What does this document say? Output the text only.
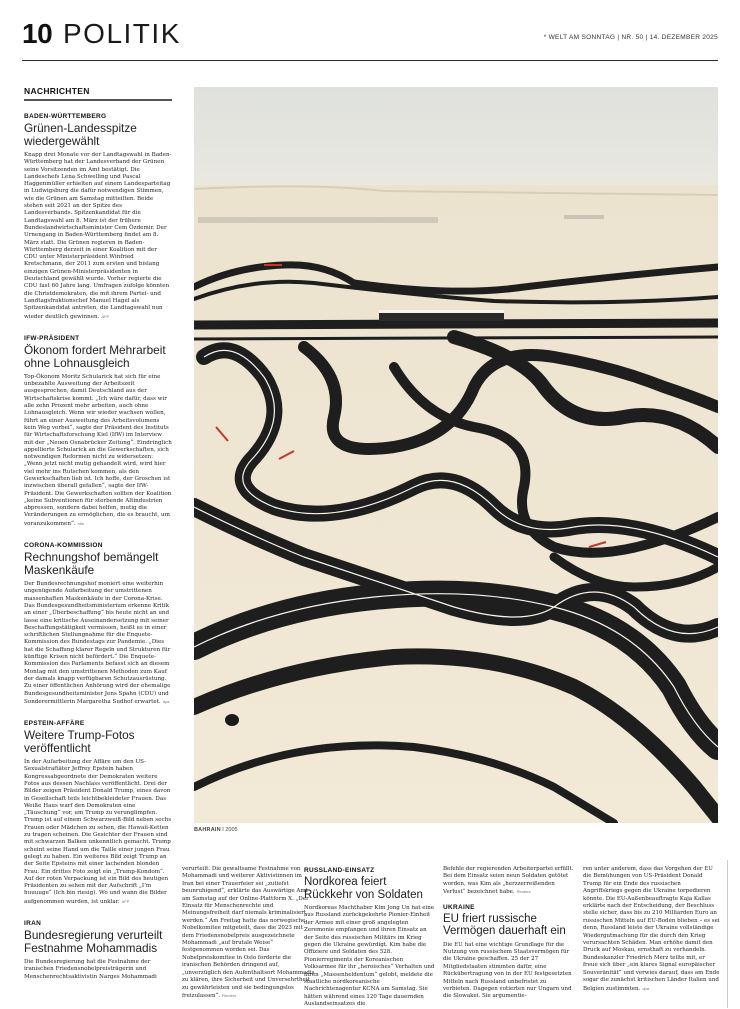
10 POLITIK	* WELT AM SONNTAG | NR. 50 | 14. DEZEMBER 2025
NACHRICHTEN
BADEN-WÜRTTEMBERG
Grünen-Landesspitze wiedergewählt

Knapp drei Monate vor der Landtagswahl in Baden-Württemberg hat der Landesverband der Grünen seine Vorsitzenden im Amt bestätigt. Die Landeschefs Lena Schwelling und Pascal Haggenmüller erhielten auf einem Landesparteitag in Ludwigsburg die dafür notwendigen Stimmen, wie die Grünen am Samstag mitteilten. Beide stehen seit 2021 an der Spitze des Landesverbands. Spitzenkandidat für die Landtagswahl am 8. März ist der frühere Bundeslandwirtschaftsminister Cem Özdemir. Der Urnengang in Baden-Württemberg findet am 8. März statt. Die Grünen regieren in Baden-Württemberg derzeit in einer Koalition mit der CDU unter Ministerpräsident Winfried Kretschmann, der 2011 zum ersten und bislang einzigen Grünen-Ministerpräsidenten in Deutschland gewählt wurde. Vorher regierte die CDU fast 60 Jahre lang. Umfragen zufolge könnten die Christdemokraten, die mit ihrem Partei- und Landtagsfraktionschef Manuel Hagel als Spitzenkandidat antreten, die Landtagswahl nun wieder deutlich gewinnen. AFP

IFW-PRÄSIDENT
Ökonom fordert Mehrarbeit ohne Lohnausgleich

Top-Ökonom Moritz Schularick hat sich für eine unbezahlte Ausweitung der Arbeitszeit ausgesprochen, damit Deutschland aus der Wirtschaftskrise kommt. „Ich wäre dafür, dass wir alle zehn Prozent mehr arbeiten, auch ohne Lohnausgleich. Wenn wir wieder wachsen wollen, führt an einer Ausweitung des Arbeitsvolumens kein Weg vorbei“, sagte der Präsident des Instituts für Wirtschaftsforschung Kiel (IfW) im Interview mit der „Neuen Osnabrücker Zeitung“. Eindringlich appellierte Schularick an die Gewerkschaften, sich notwendigen Reformen nicht zu widersetzen: „Wenn jetzt nicht mutig gehandelt wird, wird hier viel mehr ins Rutschen kommen, als den Gewerkschaften lieb ist. Ich hoffe, der Groschen ist inzwischen überall gefallen“, sagte der IfW-Präsident. Die Gewerkschaften sollten der Koalition „keine Subventionen für sterbende Altindustrien abpressen, sondern dabei helfen, mutig die Veränderungen zu ermöglichen, die es braucht, um voranzukommen“. nbs

CORONA-KOMMISSION
Rechnungshof bemängelt Maskenkäufe

Der Bundesrechnungshof moniert eine weiterhin ungenügende Aufarbeitung der umstrittenen massenhaften Maskenkäufe in der Corona-Krise. Das Bundesgesundheitsministerium erkenne Kritik an einer „Überbeschaffung“ bis heute nicht an und lasse eine kritische Auseinandersetzung mit seiner Beschaffungstätigkeit vermissen, heißt es in einer schriftlichen Stellungnahme für die Enquete-Kommission des Bundestags zur Pandemie. „Dies hat die Schaffung klarer Regeln und Strukturen für künftige Krisen nicht befördert.“ Die Enquete-Kommission des Parlaments befasst sich an diesem Montag mit den umstrittenen Methoden zum Kauf der damals knapp verfügbaren Schutzausrüstung. Zu einer öffentlichen Anhörung wird der ehemalige Bundesgesundheitsminister Jens Spahn (CDU) und Sonderermittlerin Margaretha Sudhof erwartet. dpa

EPSTEIN-AFFÄRE
Weitere Trump-Fotos veröffentlicht

In der Aufarbeitung der Affäre um den US-Sexualstraftäter Jeffrey Epstein haben Kongressabgeordnete der Demokraten weitere Fotos aus dessen Nachlass veröffentlicht. Drei der Bilder zeigen Präsident Donald Trump, eines davon in Gesellschaft teils leichtbekleideter Frauen. Das Weiße Haus warf den Demokraten eine „Täuschung“ vor, um Trump zu verunglimpfen. Trump ist auf einem Schwarzweiß-Bild neben sechs Frauen oder Mädchen zu sehen, die Hawaii-Ketten zu tragen scheinen. Die Gesichter der Frauen sind mit schwarzen Balken unkenntlich gemacht. Trump scheint seine Hand um die Taille einer jungen Frau gelegt zu haben. Ein weiteres Bild zeigt Trump an der Seite Epsteins mit einer lachenden blonden Frau. Ein drittes Foto zeigt ein „Trump-Kondom“. Auf der roten Verpackung ist ein Bild des heutigen Präsidenten zu sehen mit der Aufschrift „I’m huuuuge“ (Ich bin riesig). Wo und wann die Bilder aufgenommen wurden, ist unklar. AFP

IRAN
Bundesregierung verurteilt Festnahme Mohammadis

Die Bundesregierung hat die Festnahme der iranischen Friedensnobelpreisträgerin und Menschenrechtsaktivistin Narges Mohammadi

BAHRAIN I 2005

verurteilt. Die gewaltsame Festnahme von Mohammadi und weiterer Aktivistinnen im Iran bei einer Trauerfeier sei „zutiefst beunruhigend“, erklärte das Auswärtige Amt am Samstag auf der Online-Plattform X. „Der Einsatz für Menschenrechte und Meinungsfreiheit darf niemals kriminalisiert werden.“ Am Freitag hatte das norwegische Nobelkomitee mitgeteilt, dass die 2023 mit dem Friedensnobelpreis ausgezeichnete Mohammadi „auf brutale Weise“ festgenommen worden sei. Das Nobelpreiskomitee in Oslo forderte die iranischen Behörden dringend auf, „unverzüglich den Aufenthaltsort Mohammadis zu klären, ihre Sicherheit und Unversehrtheit zu gewährleisten und sie bedingungslos freizulassen“. Reuters

RUSSLAND-EINSATZ
Nordkorea feiert Rückkehr von Soldaten

Nordkoreas Machthaber Kim Jong Un hat eine aus Russland zurückgekehrte Pionier-Einheit der Armee mit einer groß angelegten Zeremonie empfangen und ihren Einsatz an der Seite des russischen Militärs im Krieg gegen die Ukraine gewürdigt. Kim habe die Offiziere und Soldaten des 528. Pionierregiments der Koreanischen Volksarmee für ihr „heroisches“ Verhalten und ihren „Massenheldentum“ gelobt, meldete die staatliche nordkoreanische Nachrichtenagentur KCNA am Samstag. Sie hätten während eines 120 Tage dauernden Auslandseinsatzes die

Befehle der regierenden Arbeiterpartei erfüllt. Bei dem Einsatz seien neun Soldaten getötet worden, was Kim als „herzzerreißenden Verlust“ bezeichnet habe. Reuters

UKRAINE
EU friert russische Vermögen dauerhaft ein

Die EU hat eine wichtige Grundlage für die Nutzung von russischem Staatsvermögen für die Ukraine geschaffen. 25 der 27 Mitgliedstaaten stimmten dafür, eine Rückübertragung von in der EU festgesetzten Mitteln nach Russland unbefristet zu verbieten. Dagegen votierten nur Ungarn und die Slowakei. Sie argumentie-

ren unter anderem, dass das Vorgehen der EU die Bemühungen von US-Präsident Donald Trump für ein Ende des russischen Angriffskriegs gegen die Ukraine torpedieren könnte. Die EU-Außenbeauftragte Kaja Kallas erklärte nach der Entscheidung, der Beschluss stelle sicher, dass bis zu 210 Milliarden Euro an russischen Mitteln auf EU-Boden blieben – es sei denn, Russland leiste der Ukraine vollständige Wiedergutmachung für die durch den Krieg verursachten Schäden. Man erhöhe damit den Druck auf Moskau, ernsthaft zu verhandeln. Bundeskanzler Friedrich Merz teilte mit, er freue sich über „ein klares Signal europäischer Souveränität“ und verwies darauf, dass am Ende sogar die zunächst kritischen Länder Italien und Belgien zustimmten. dpa
